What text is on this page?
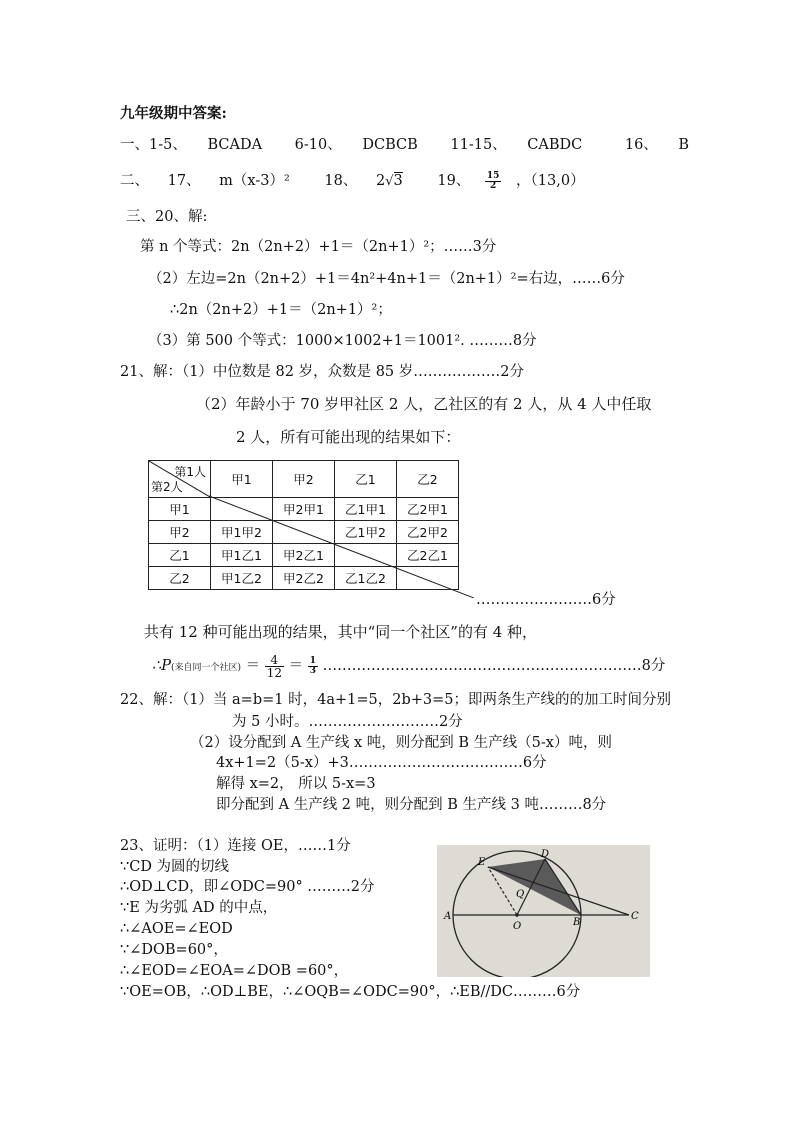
九年级期中答案:
一、1-5、 BCADA 6-10、 DCBCB 11-15、 CABDC	16、 B
二、 17、 m（x-3）² 18、 2√3 19、 $\frac{15}{2}$ ，（13,0）
三、20、解:
第 n 个等式：2n（2n+2）+1＝（2n+1）²；……3分
（2）左边=2n（2n+2）+1＝4n²+4n+1＝（2n+1）²=右边，……6分
∴2n（2n+2）+1＝（2n+1）²；
（3）第 500 个等式：1000×1002+1＝1001². ………8分
21、解：（1）中位数是 82 岁，众数是 85 岁………………2分
（2）年龄小于 70 岁甲社区 2 人，乙社区的有 2 人，从 4 人中任取
2 人，所有可能出现的结果如下：
第1人
第2人	甲1	甲2	乙1	乙2
甲1		甲2甲1	乙1甲1	乙2甲1
甲2	甲1甲2		乙1甲2	乙2甲2
乙1	甲1乙1	甲2乙1		乙2乙1
乙2	甲1乙2	甲2乙2	乙1乙2	
……………………6分
共有 12 种可能出现的结果，其中“同一个社区”的有 4 种，
∴P(来自同一个社区) ＝ $\frac{4}{12} = \frac{1}{3}$ …………………………………………………………8分
22、解：（1）当 a=b=1 时，4a+1=5，2b+3=5；即两条生产线的的加工时间分别
为 5 小时。………………………2分
（2）设分配到 A 生产线 x 吨，则分配到 B 生产线（5-x）吨，则
4x+1=2（5-x）+3………………………………6分
解得 x=2， 所以 5-x=3
即分配到 A 生产线 2 吨，则分配到 B 生产线 3 吨………8分
23、证明：（1）连接 OE，……1分
∵CD 为圆的切线
∴OD⊥CD，即∠ODC=90° ………2分
∵E 为劣弧 AD 的中点，
∴∠AOE=∠EOD
∵∠DOB=60°，
∴∠EOD=∠EOA=∠DOB =60°，
∵OE=OB，∴OD⊥BE，∴∠OQB=∠ODC=90°，∴EB//DC………6分
E
D
Q
A
O	B
C
